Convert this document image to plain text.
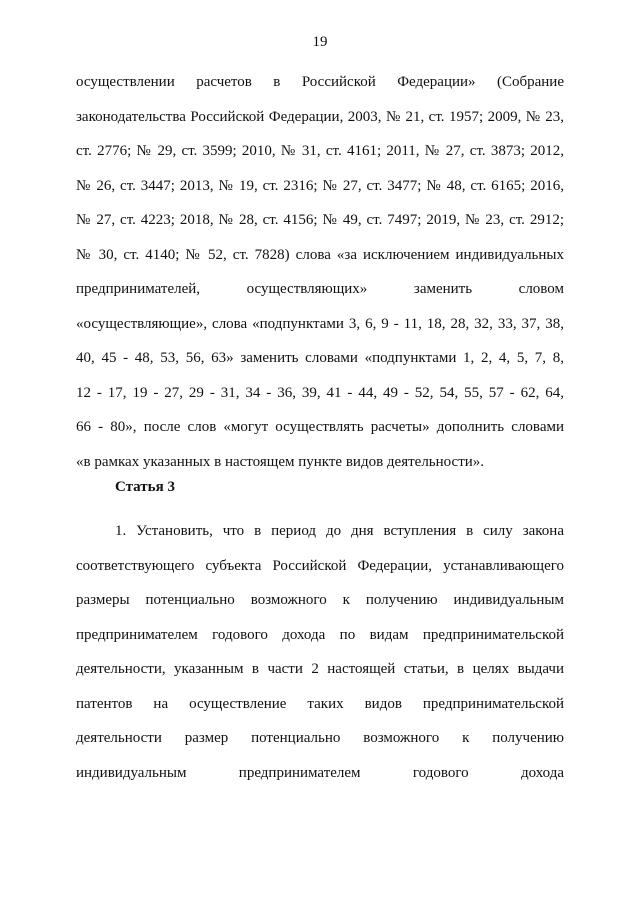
19
осуществлении расчетов в Российской Федерации» (Собрание
законодательства Российской Федерации, 2003, № 21, ст. 1957; 2009, № 23,
ст. 2776; № 29, ст. 3599; 2010, № 31, ст. 4161; 2011, № 27, ст. 3873; 2012,
№ 26, ст. 3447; 2013, № 19, ст. 2316; № 27, ст. 3477; № 48, ст. 6165; 2016,
№ 27, ст. 4223; 2018, № 28, ст. 4156; № 49, ст. 7497; 2019, № 23, ст. 2912;
№ 30, ст. 4140; № 52, ст. 7828) слова «за исключением индивидуальных
предпринимателей, осуществляющих» заменить словом
«осуществляющие», слова «подпунктами 3, 6, 9 - 11, 18, 28, 32, 33, 37, 38,
40, 45 - 48, 53, 56, 63» заменить словами «подпунктами 1, 2, 4, 5, 7, 8,
12 - 17, 19 - 27, 29 - 31, 34 - 36, 39, 41 - 44, 49 - 52, 54, 55, 57 - 62, 64,
66 - 80», после слов «могут осуществлять расчеты» дополнить словами
«в рамках указанных в настоящем пункте видов деятельности».
Статья 3
1. Установить, что в период до дня вступления в силу закона
соответствующего субъекта Российской Федерации, устанавливающего
размеры потенциально возможного к получению индивидуальным
предпринимателем годового дохода по видам предпринимательской
деятельности, указанным в части 2 настоящей статьи, в целях выдачи
патентов на осуществление таких видов предпринимательской
деятельности размер потенциально возможного к получению
индивидуальным предпринимателем годового дохода
